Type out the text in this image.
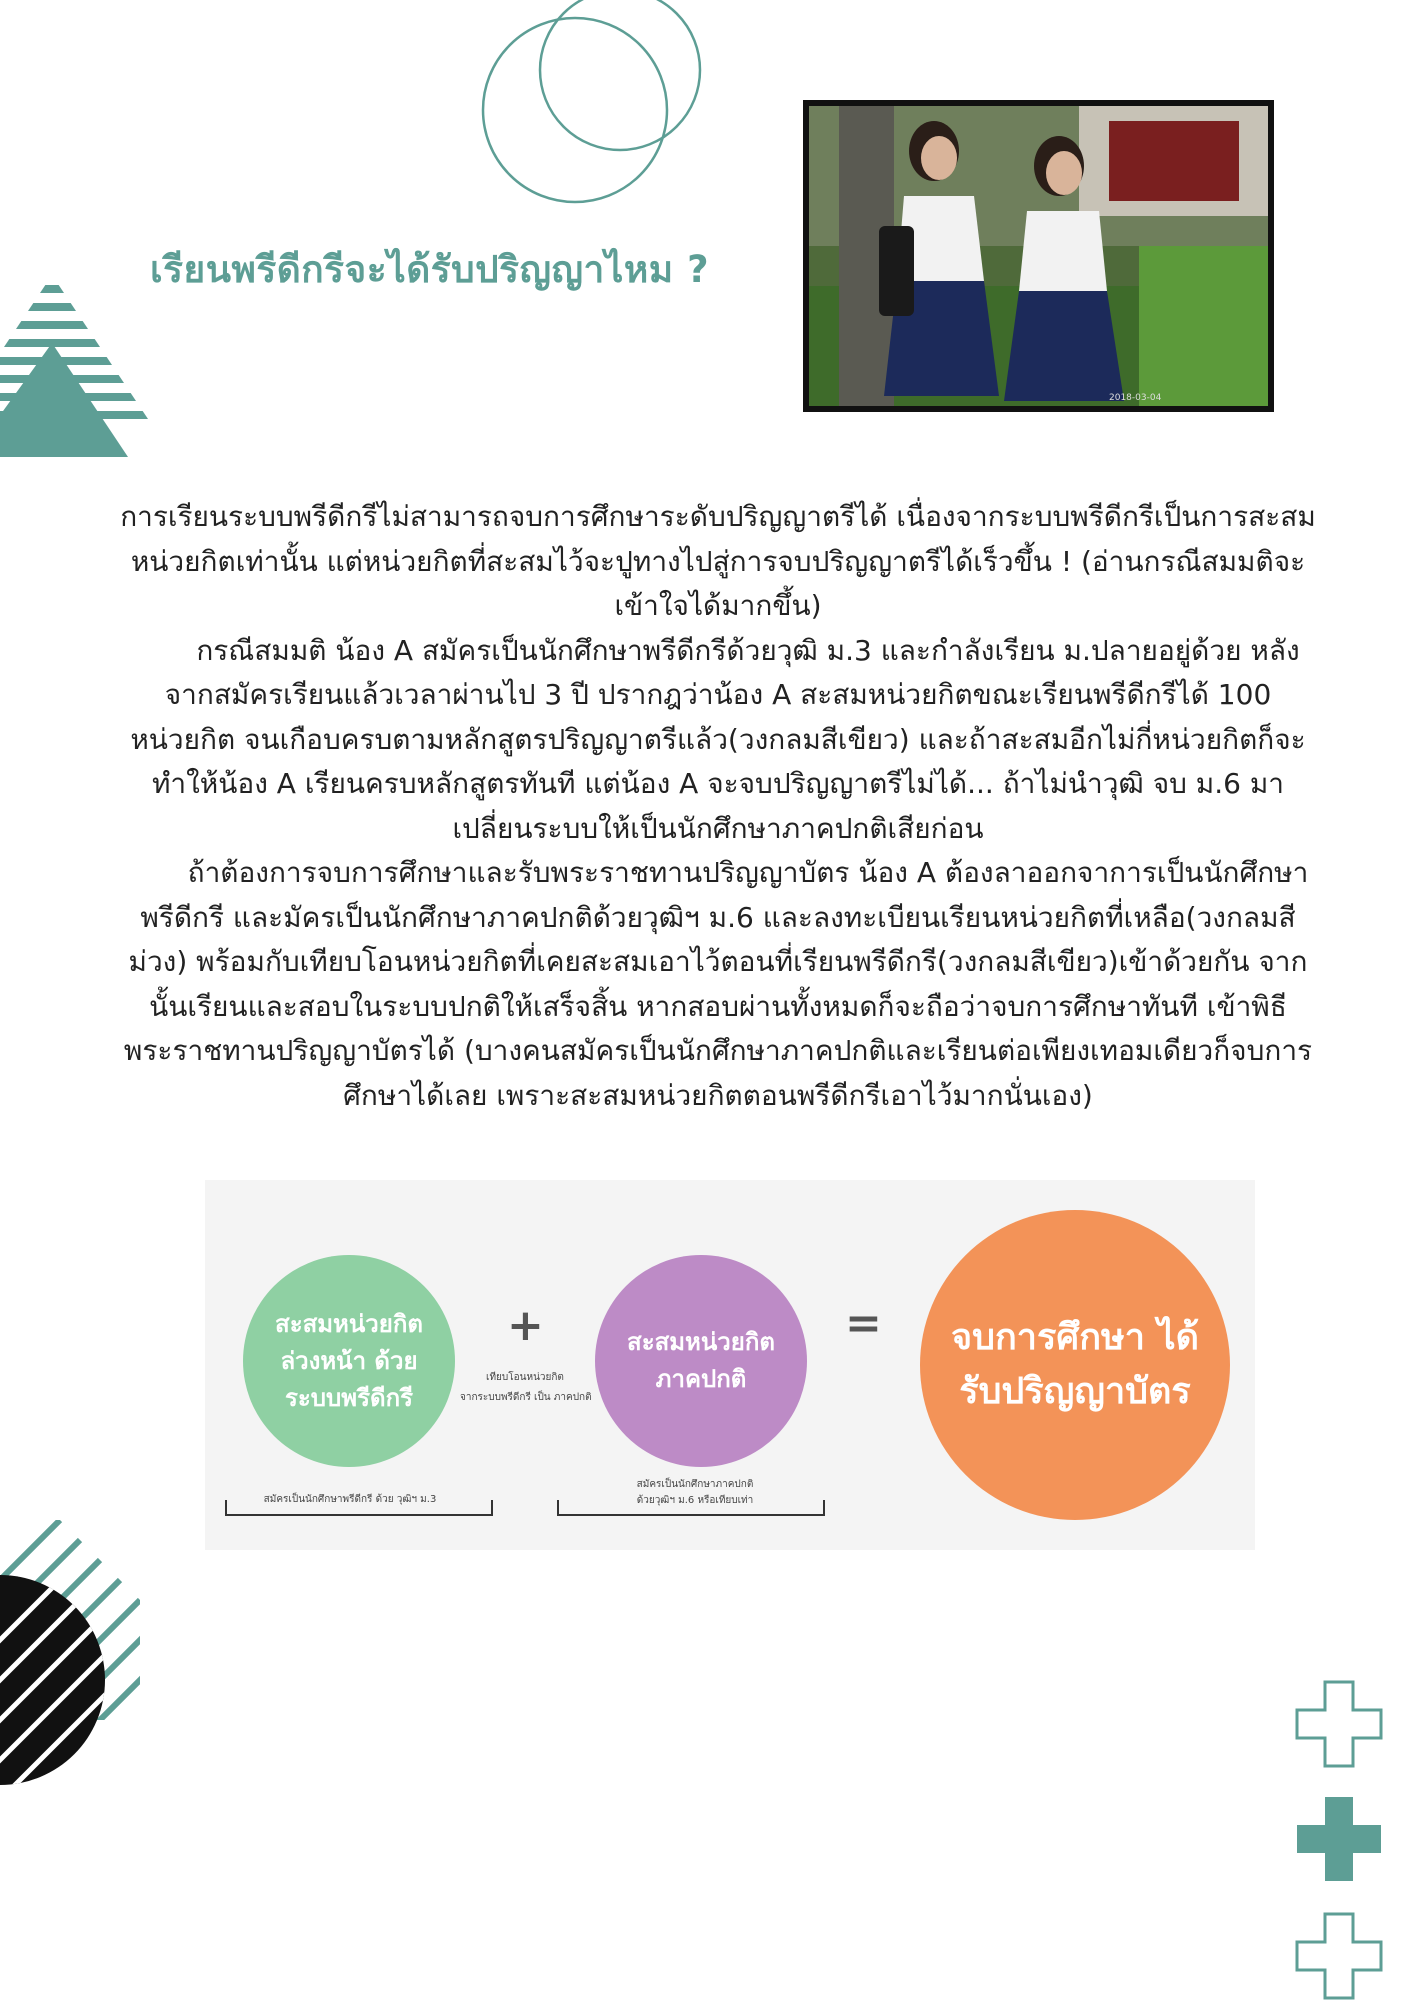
เรียนพรีดีกรีจะได้รับปริญญาไหม ?
2018-03-04

การเรียนระบบพรีดีกรีไม่สามารถจบการศึกษาระดับปริญญาตรีได้ เนื่องจากระบบพรีดีกรีเป็นการสะสมหน่วยกิตเท่านั้น แต่หน่วยกิตที่สะสมไว้จะปูทางไปสู่การจบปริญญาตรีได้เร็วขึ้น ! (อ่านกรณีสมมติจะเข้าใจได้มากขึ้น)

กรณีสมมติ น้อง A สมัครเป็นนักศึกษาพรีดีกรีด้วยวุฒิ ม.3 และกำลังเรียน ม.ปลายอยู่ด้วย หลังจากสมัครเรียนแล้วเวลาผ่านไป 3 ปี ปรากฎว่าน้อง A สะสมหน่วยกิตขณะเรียนพรีดีกรีได้ 100 หน่วยกิต จนเกือบครบตามหลักสูตรปริญญาตรีแล้ว(วงกลมสีเขียว) และถ้าสะสมอีกไม่กี่หน่วยกิตก็จะทำให้น้อง A เรียนครบหลักสูตรทันที แต่น้อง A จะจบปริญญาตรีไม่ได้... ถ้าไม่นำวุฒิ จบ ม.6 มาเปลี่ยนระบบให้เป็นนักศึกษาภาคปกติเสียก่อน

ถ้าต้องการจบการศึกษาและรับพระราชทานปริญญาบัตร น้อง A ต้องลาออกจาการเป็นนักศึกษาพรีดีกรี และมัครเป็นนักศึกษาภาคปกติด้วยวุฒิฯ ม.6 และลงทะเบียนเรียนหน่วยกิตที่เหลือ(วงกลมสีม่วง) พร้อมกับเทียบโอนหน่วยกิตที่เคยสะสมเอาไว้ตอนที่เรียนพรีดีกรี(วงกลมสีเขียว)เข้าด้วยกัน จากนั้นเรียนและสอบในระบบปกติให้เสร็จสิ้น หากสอบผ่านทั้งหมดก็จะถือว่าจบการศึกษาทันที เข้าพิธีพระราชทานปริญญาบัตรได้ (บางคนสมัครเป็นนักศึกษาภาคปกติและเรียนต่อเพียงเทอมเดียวก็จบการศึกษาได้เลย เพราะสะสมหน่วยกิตตอนพรีดีกรีเอาไว้มากนั่นเอง)

สะสมหน่วยกิต ล่วงหน้า ด้วยระบบพรีดีกรี
+
เทียบโอนหน่วยกิต
จากระบบพรีดีกรี เป็น ภาคปกติ
สะสมหน่วยกิต ภาคปกติ
=	จบการศึกษา ได้รับปริญญาบัตร
สมัครเป็นนักศึกษาพรีดีกรี ด้วย วุฒิฯ ม.3
สมัครเป็นนักศึกษาภาคปกติ
ด้วยวุฒิฯ ม.6 หรือเทียบเท่า
